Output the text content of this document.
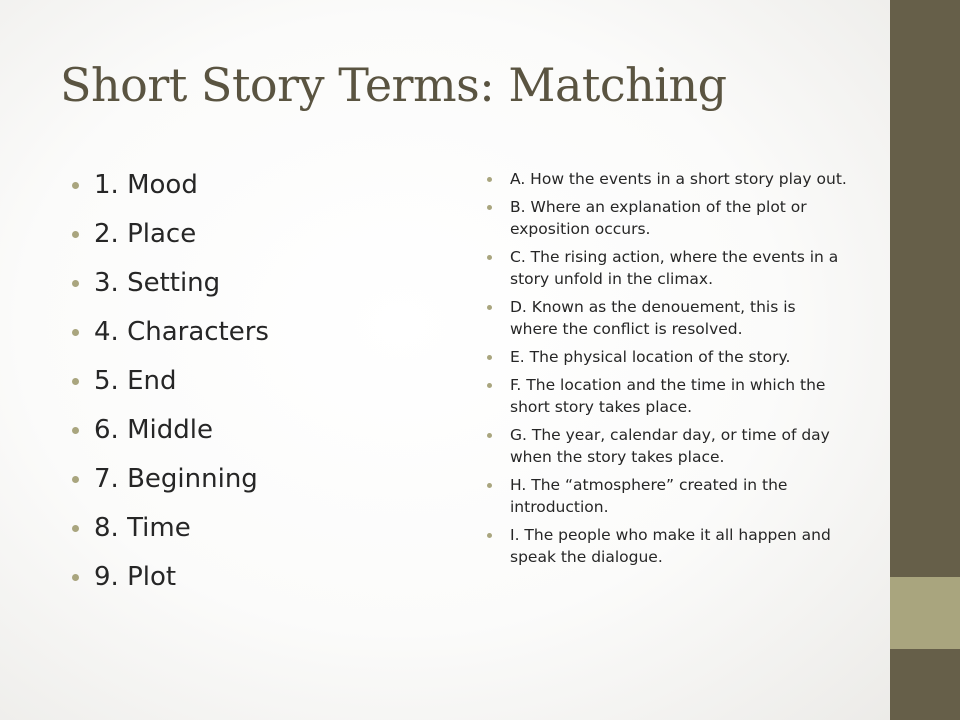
Short Story Terms: Matching
1. Mood
2. Place
3. Setting
4. Characters
5. End
6. Middle
7. Beginning
8. Time
9. Plot
A. How the events in a short story play out.
B. Where an explanation of the plot or exposition occurs.
C. The rising action, where the events in a story unfold in the climax.
D. Known as the denouement, this is where the conflict is resolved.
E. The physical location of the story.
F. The location and the time in which the short story takes place.
G. The year, calendar day, or time of day when the story takes place.
H. The “atmosphere” created in the introduction.
I. The people who make it all happen and speak the dialogue.
